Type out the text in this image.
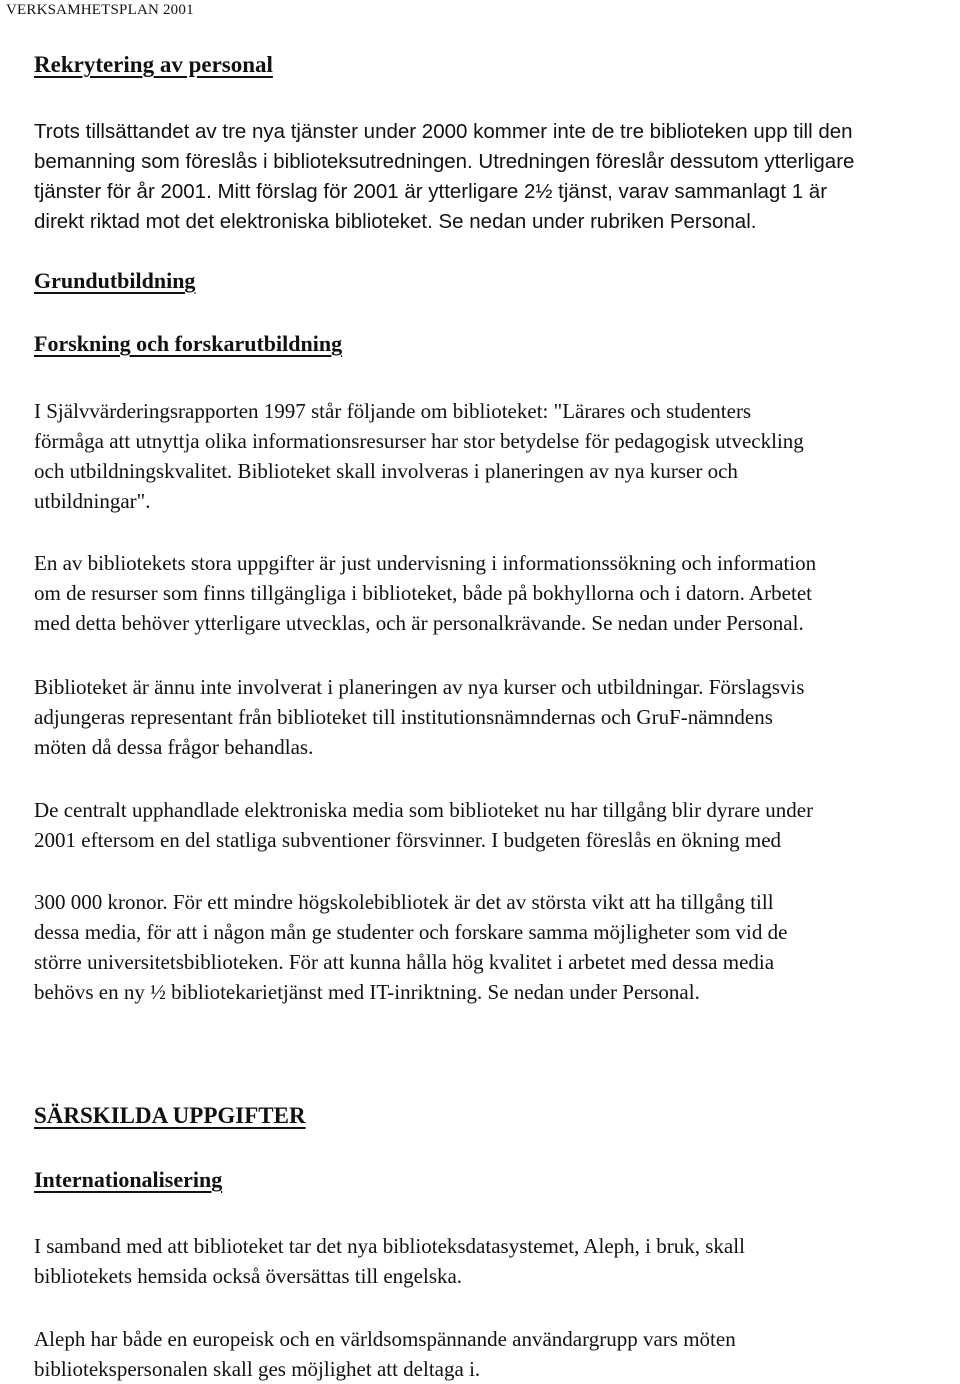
VERKSAMHETSPLAN 2001
Rekrytering av personal

Trots tillsättandet av tre nya tjänster under 2000 kommer inte de tre biblioteken upp till den
bemanning som föreslås i biblioteksutredningen. Utredningen föreslår dessutom ytterligare
tjänster för år 2001. Mitt förslag för 2001 är ytterligare 2½ tjänst, varav sammanlagt 1 är
direkt riktad mot det elektroniska biblioteket. Se nedan under rubriken Personal.

Grundutbildning
Forskning och forskarutbildning

I Självvärderingsrapporten 1997 står följande om biblioteket: "Lärares och studenters
förmåga att utnyttja olika informationsresurser har stor betydelse för pedagogisk utveckling
och utbildningskvalitet. Biblioteket skall involveras i planeringen av nya kurser och
utbildningar".

En av bibliotekets stora uppgifter är just undervisning i informationssökning och information
om de resurser som finns tillgängliga i biblioteket, både på bokhyllorna och i datorn. Arbetet
med detta behöver ytterligare utvecklas, och är personalkrävande. Se nedan under Personal.

Biblioteket är ännu inte involverat i planeringen av nya kurser och utbildningar. Förslagsvis
adjungeras representant från biblioteket till institutionsnämndernas och GruF-nämndens
möten då dessa frågor behandlas.

De centralt upphandlade elektroniska media som biblioteket nu har tillgång blir dyrare under
2001 eftersom en del statliga subventioner försvinner. I budgeten föreslås en ökning med

300 000 kronor. För ett mindre högskolebibliotek är det av största vikt att ha tillgång till
dessa media, för att i någon mån ge studenter och forskare samma möjligheter som vid de
större universitetsbiblioteken. För att kunna hålla hög kvalitet i arbetet med dessa media
behövs en ny ½ bibliotekarietjänst med IT-inriktning. Se nedan under Personal.

SÄRSKILDA UPPGIFTER
Internationalisering

I samband med att biblioteket tar det nya biblioteksdatasystemet, Aleph, i bruk, skall
bibliotekets hemsida också översättas till engelska.

Aleph har både en europeisk och en världsomspännande användargrupp vars möten
bibliotekspersonalen skall ges möjlighet att deltaga i.
